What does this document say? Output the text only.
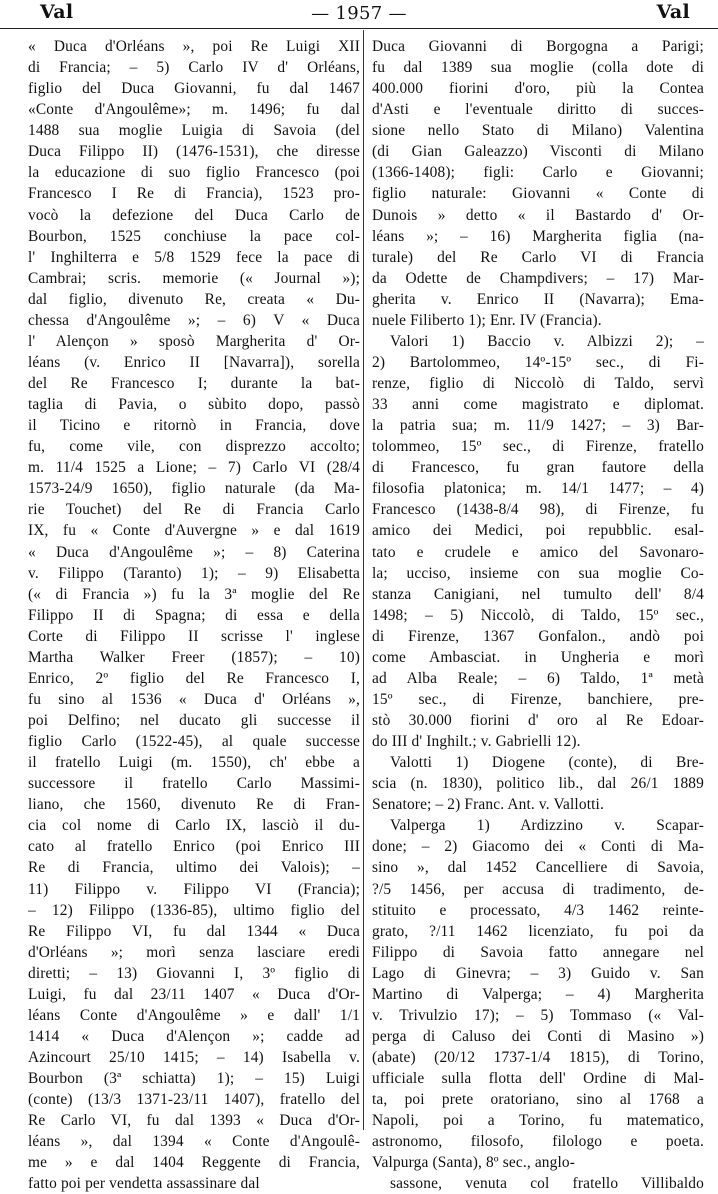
— 1957 —
Val	Val
« Duca d'Orléans », poi Re Luigi XII
di Francia; – 5) Carlo IV d' Orléans,
figlio del Duca Giovanni, fu dal 1467
«Conte d'Angoulême»; m. 1496; fu dal
1488 sua moglie Luigia di Savoia (del
Duca Filippo II) (1476-1531), che diresse
la educazione di suo figlio Francesco (poi
Francesco I Re di Francia), 1523 pro-
vocò la defezione del Duca Carlo de
Bourbon, 1525 conchiuse la pace col-
l' Inghilterra e 5/8 1529 fece la pace di
Cambrai; scris. memorie (« Journal »);
dal figlio, divenuto Re, creata « Du-
chessa d'Angoulême »; – 6) V « Duca
l' Alençon » sposò Margherita d' Or-
léans (v. Enrico II [Navarra]), sorella
del Re Francesco I; durante la bat-
taglia di Pavia, o sùbito dopo, passò
il Ticino e ritornò in Francia, dove
fu, come vile, con disprezzo accolto;
m. 11/4 1525 a Lione; – 7) Carlo VI (28/4
1573-24/9 1650), figlio naturale (da Ma-
rie Touchet) del Re di Francia Carlo
IX, fu « Conte d'Auvergne » e dal 1619
« Duca d'Angoulême »; – 8) Caterina
v. Filippo (Taranto) 1); – 9) Elisabetta
(« di Francia ») fu la 3ª moglie del Re
Filippo II di Spagna; di essa e della
Corte di Filippo II scrisse l' inglese
Martha Walker Freer (1857); – 10)
Enrico, 2º figlio del Re Francesco I,
fu sino al 1536 « Duca d' Orléans »,
poi Delfino; nel ducato gli successe il
figlio Carlo (1522-45), al quale successe
il fratello Luigi (m. 1550), ch' ebbe a
successore il fratello Carlo Massimi-
liano, che 1560, divenuto Re di Fran-
cia col nome di Carlo IX, lasciò il du-
cato al fratello Enrico (poi Enrico III
Re di Francia, ultimo dei Valois); –
11) Filippo v. Filippo VI (Francia);
– 12) Filippo (1336-85), ultimo figlio del
Re Filippo VI, fu dal 1344 « Duca
d'Orléans »; morì senza lasciare eredi
diretti; – 13) Giovanni I, 3º figlio di
Luigi, fu dal 23/11 1407 « Duca d'Or-
léans Conte d'Angoulême » e dall' 1/1
1414 « Duca d'Alençon »; cadde ad
Azincourt 25/10 1415; – 14) Isabella v.
Bourbon (3ª schiatta) 1); – 15) Luigi
(conte) (13/3 1371-23/11 1407), fratello del
Re Carlo VI, fu dal 1393 « Duca d'Or-
léans », dal 1394 « Conte d'Angoulê-
me » e dal 1404 Reggente di Francia,
fatto poi per vendetta assassinare dal
Duca Giovanni di Borgogna a Parigi;
fu dal 1389 sua moglie (colla dote di
400.000 fiorini d'oro, più la Contea
d'Asti e l'eventuale diritto di succes-
sione nello Stato di Milano) Valentina
(di Gian Galeazzo) Visconti di Milano
(1366-1408); figli: Carlo e Giovanni;
figlio naturale: Giovanni « Conte di
Dunois » detto « il Bastardo d' Or-
léans »; – 16) Margherita figlia (na-
turale) del Re Carlo VI di Francia
da Odette de Champdivers; – 17) Mar-
gherita v. Enrico II (Navarra); Ema-
nuele Filiberto 1); Enr. IV (Francia).
Valori 1) Baccio v. Albizzi 2); –
2) Bartolommeo, 14º-15º sec., di Fi-
renze, figlio di Niccolò di Taldo, servì
33 anni come magistrato e diplomat.
la patria sua; m. 11/9 1427; – 3) Bar-
tolommeo, 15º sec., di Firenze, fratello
di Francesco, fu gran fautore della
filosofia platonica; m. 14/1 1477; – 4)
Francesco (1438-8/4 98), di Firenze, fu
amico dei Medici, poi repubblic. esal-
tato e crudele e amico del Savonaro-
la; ucciso, insieme con sua moglie Co-
stanza Canigiani, nel tumulto dell' 8/4
1498; – 5) Niccolò, di Taldo, 15º sec.,
di Firenze, 1367 Gonfalon., andò poi
come Ambasciat. in Ungheria e morì
ad Alba Reale; – 6) Taldo, 1ª metà
15º sec., di Firenze, banchiere, pre-
stò 30.000 fiorini d' oro al Re Edoar-
do III d' Inghilt.; v. Gabrielli 12).
Valotti 1) Diogene (conte), di Bre-
scia (n. 1830), politico lib., dal 26/1 1889
Senatore; – 2) Franc. Ant. v. Vallotti.
Valperga 1) Ardizzino v. Scapar-
done; – 2) Giacomo dei « Conti di Ma-
sino », dal 1452 Cancelliere di Savoia,
?/5 1456, per accusa di tradimento, de-
stituito e processato, 4/3 1462 reinte-
grato, ?/11 1462 licenziato, fu poi da
Filippo di Savoia fatto annegare nel
Lago di Ginevra; – 3) Guido v. San
Martino di Valperga; – 4) Margherita
v. Trivulzio 17); – 5) Tommaso (« Val-
perga di Caluso dei Conti di Masino »)
(abate) (20/12 1737-1/4 1815), di Torino,
ufficiale sulla flotta dell' Ordine di Mal-
ta, poi prete oratoriano, sino al 1768 a
Napoli, poi a Torino, fu matematico,
astronomo, filosofo, filologo e poeta.
Valpurga (Santa), 8º sec., anglo-
sassone, venuta col fratello Villibaldo
